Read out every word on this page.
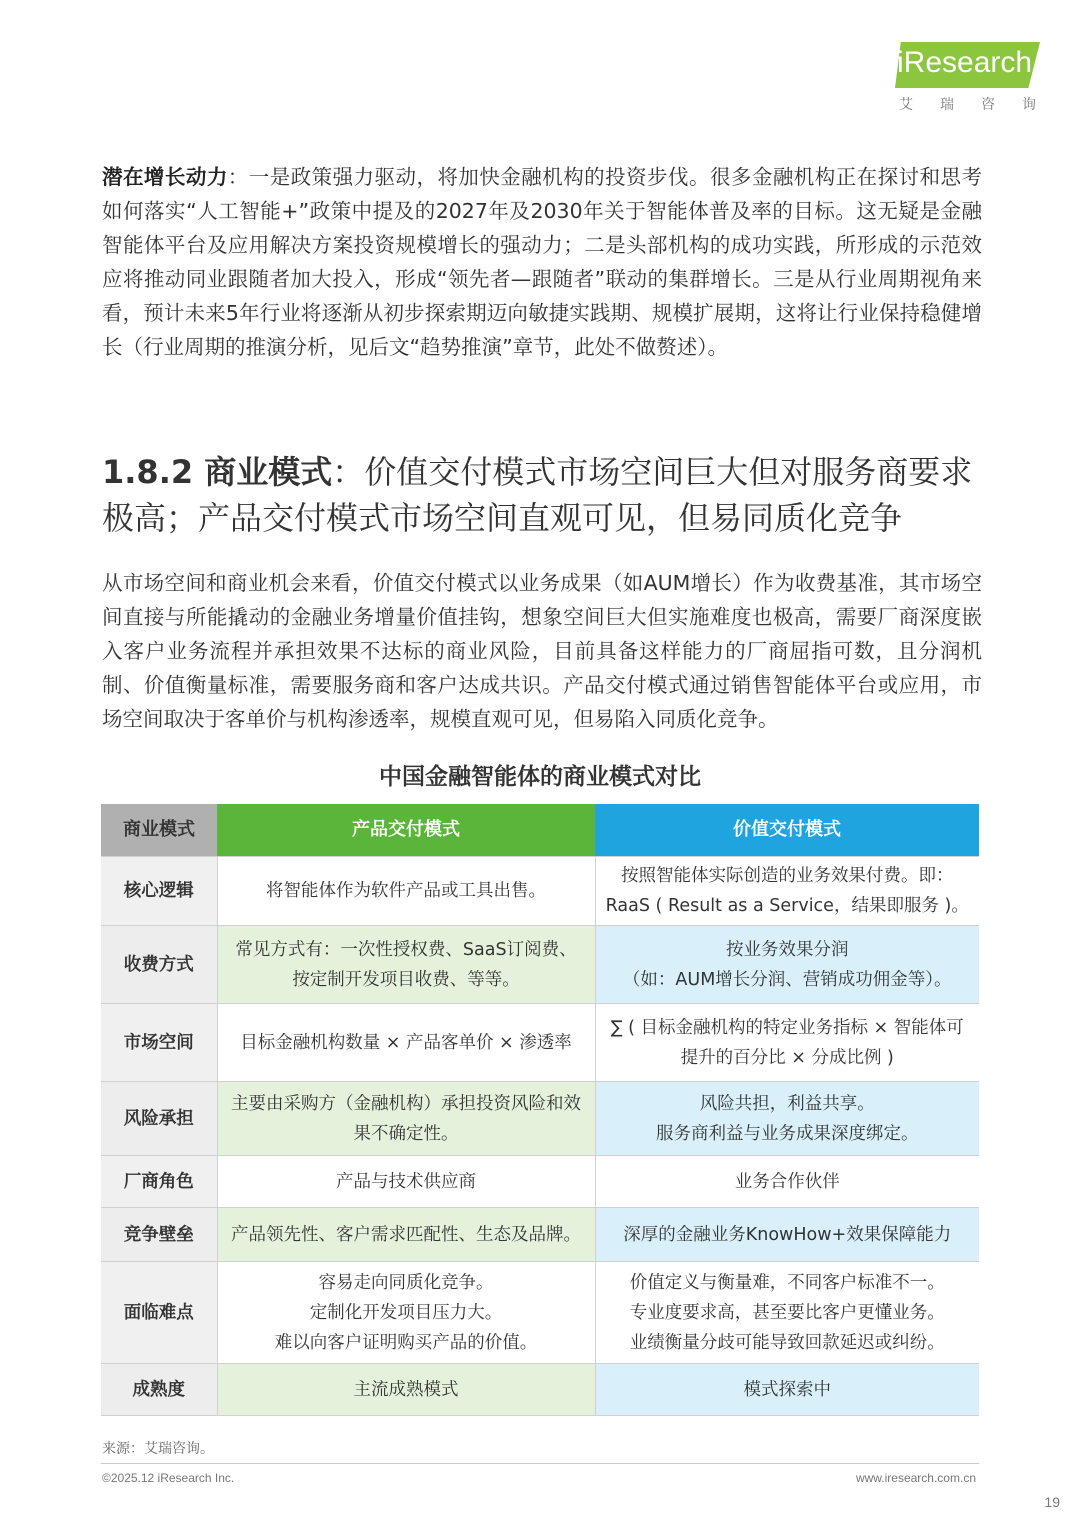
iResearch
艾瑞咨询

潜在增长动力：一是政策强力驱动，将加快金融机构的投资步伐。很多金融机构正在探讨和思考如何落实“人工智能+”政策中提及的2027年及2030年关于智能体普及率的目标。这无疑是金融智能体平台及应用解决方案投资规模增长的强动力；二是头部机构的成功实践，所形成的示范效应将推动同业跟随者加大投入，形成“领先者—跟随者”联动的集群增长。三是从行业周期视角来看，预计未来5年行业将逐渐从初步探索期迈向敏捷实践期、规模扩展期，这将让行业保持稳健增长（行业周期的推演分析，见后文“趋势推演”章节，此处不做赘述）。

1.8.2 商业模式：价值交付模式市场空间巨大但对服务商要求极高；产品交付模式市场空间直观可见，但易同质化竞争

从市场空间和商业机会来看，价值交付模式以业务成果（如AUM增长）作为收费基准，其市场空间直接与所能撬动的金融业务增量价值挂钩，想象空间巨大但实施难度也极高，需要厂商深度嵌入客户业务流程并承担效果不达标的商业风险，目前具备这样能力的厂商屈指可数，且分润机制、价值衡量标准，需要服务商和客户达成共识。产品交付模式通过销售智能体平台或应用，市场空间取决于客单价与机构渗透率，规模直观可见，但易陷入同质化竞争。

中国金融智能体的商业模式对比
商业模式	产品交付模式	价值交付模式
核心逻辑	将智能体作为软件产品或工具出售。	按照智能体实际创造的业务效果付费。即：
RaaS ( Result as a Service，结果即服务 )。

收费方式	常见方式有：一次性授权费、SaaS订阅费、
按定制开发项目收费、等等。	按业务效果分润
（如：AUM增长分润、营销成功佣金等）。

市场空间	目标金融机构数量 × 产品客单价 × 渗透率	∑ ( 目标金融机构的特定业务指标 × 智能体可
提升的百分比 × 分成比例 )

风险承担	主要由采购方（金融机构）承担投资风险和效
果不确定性。	风险共担，利益共享。
服务商利益与业务成果深度绑定。

厂商角色	产品与技术供应商	业务合作伙伴

竞争壁垒	产品领先性、客户需求匹配性、生态及品牌。	深厚的金融业务KnowHow+效果保障能力

面临难点	容易走向同质化竞争。
定制化开发项目压力大。
难以向客户证明购买产品的价值。	价值定义与衡量难，不同客户标准不一。
专业度要求高，甚至要比客户更懂业务。
业绩衡量分歧可能导致回款延迟或纠纷。

成熟度	主流成熟模式	模式探索中
来源：艾瑞咨询。
©2025.12 iResearch Inc.	www.iresearch.com.cn
19
